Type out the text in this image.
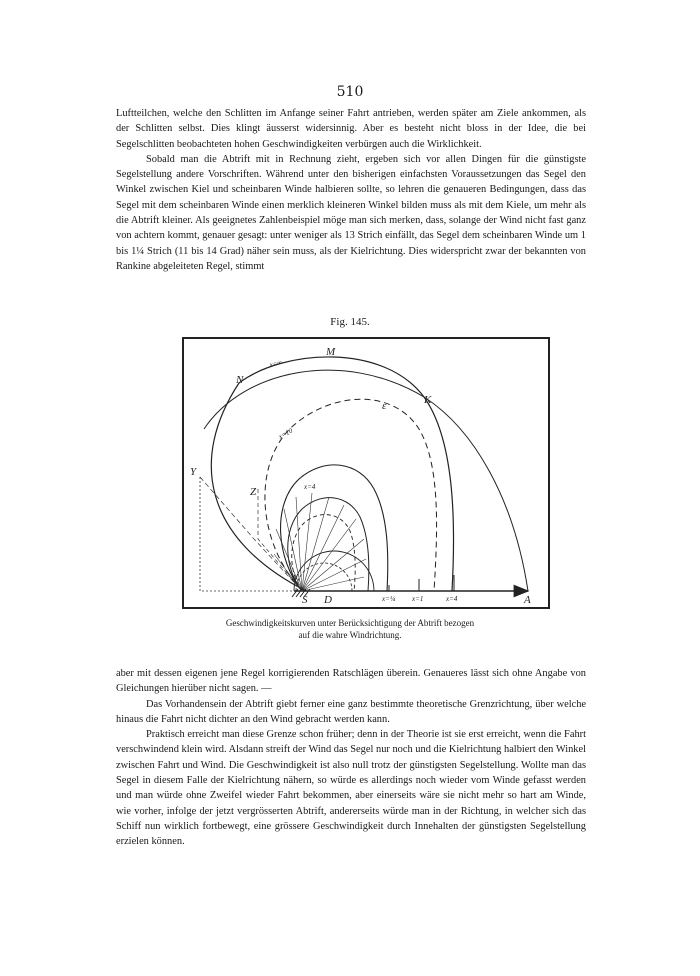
510

Luftteilchen, welche den Schlitten im Anfange seiner Fahrt antrieben, werden später am Ziele ankommen, als der Schlitten selbst. Dies klingt äusserst widersinnig. Aber es besteht nicht bloss in der Idee, die bei Segelschlitten beobachteten hohen Geschwindigkeiten verbürgen auch die Wirklichkeit.

Sobald man die Abtrift mit in Rechnung zieht, ergeben sich vor allen Dingen für die günstigste Segelstellung andere Vorschriften. Während unter den bisherigen einfachsten Voraussetzungen das Segel den Winkel zwischen Kiel und scheinbaren Winde halbieren sollte, so lehren die genaueren Bedingungen, dass das Segel mit dem scheinbaren Winde einen merklich kleineren Winkel bilden muss als mit dem Kiele, um mehr als die Abtrift kleiner. Als geeignetes Zahlenbeispiel möge man sich merken, dass, solange der Wind nicht fast ganz von achtern kommt, genauer gesagt: unter weniger als 13 Strich einfällt, das Segel dem scheinbaren Winde um 1 bis 1¼ Strich (11 bis 14 Grad) näher sein muss, als der Kielrichtung. Dies widerspricht zwar der bekannten von Rankine abgeleiteten Regel, stimmt

Fig. 145.
M
N
K
ε
Y
Z
S D	A
x=¼ x=1	x=4
x=∞
x=10
x=4
Geschwindigkeitskurven unter Berücksichtigung der Abtrift bezogen
auf die wahre Windrichtung.

aber mit dessen eigenen jene Regel korrigierenden Ratschlägen überein. Genaueres lässt sich ohne Angabe von Gleichungen hierüber nicht sagen. —

Das Vorhandensein der Abtrift giebt ferner eine ganz bestimmte theoretische Grenzrichtung, über welche hinaus die Fahrt nicht dichter an den Wind gebracht werden kann.

Praktisch erreicht man diese Grenze schon früher; denn in der Theorie ist sie erst erreicht, wenn die Fahrt verschwindend klein wird. Alsdann streift der Wind das Segel nur noch und die Kielrichtung halbiert den Winkel zwischen Fahrt und Wind. Die Geschwindigkeit ist also null trotz der günstigsten Segelstellung. Wollte man das Segel in diesem Falle der Kielrichtung nähern, so würde es allerdings noch wieder vom Winde gefasst werden und man würde ohne Zweifel wieder Fahrt bekommen, aber einerseits wäre sie nicht mehr so hart am Winde, wie vorher, infolge der jetzt vergrösserten Abtrift, andererseits würde man in der Richtung, in welcher sich das Schiff nun wirklich fortbewegt, eine grössere Geschwindigkeit durch Innehalten der günstigsten Segelstellung erzielen können.
